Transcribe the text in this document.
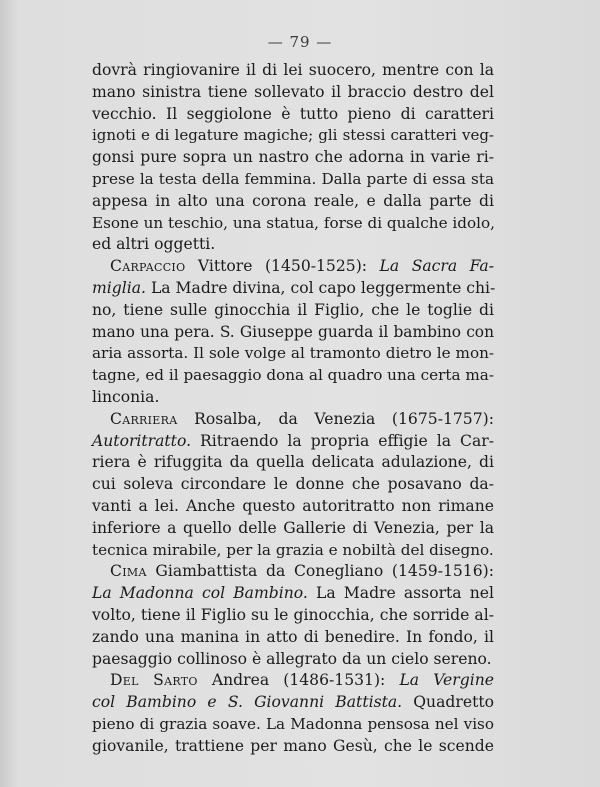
— 79 —
dovrà ringiovanire il di lei suocero, mentre con la
mano sinistra tiene sollevato il braccio destro del
vecchio. Il seggiolone è tutto pieno di caratteri
ignoti e di legature magiche; gli stessi caratteri veg-
gonsi pure sopra un nastro che adorna in varie ri-
prese la testa della femmina. Dalla parte di essa sta
appesa in alto una corona reale, e dalla parte di
Esone un teschio, una statua, forse di qualche idolo,
ed altri oggetti.
Carpaccio Vittore (1450-1525): La Sacra Fa-
miglia. La Madre divina, col capo leggermente chi-
no, tiene sulle ginocchia il Figlio, che le toglie di
mano una pera. S. Giuseppe guarda il bambino con
aria assorta. Il sole volge al tramonto dietro le mon-
tagne, ed il paesaggio dona al quadro una certa ma-
linconia.
Carriera Rosalba, da Venezia (1675-1757):
Autoritratto. Ritraendo la propria effigie la Car-
riera è rifuggita da quella delicata adulazione, di
cui soleva circondare le donne che posavano da-
vanti a lei. Anche questo autoritratto non rimane
inferiore a quello delle Gallerie di Venezia, per la
tecnica mirabile, per la grazia e nobiltà del disegno.
Cima Giambattista da Conegliano (1459-1516):
La Madonna col Bambino. La Madre assorta nel
volto, tiene il Figlio su le ginocchia, che sorride al-
zando una manina in atto di benedire. In fondo, il
paesaggio collinoso è allegrato da un cielo sereno.
Del Sarto Andrea (1486-1531): La Vergine
col Bambino e S. Giovanni Battista. Quadretto
pieno di grazia soave. La Madonna pensosa nel viso
giovanile, trattiene per mano Gesù, che le scende
